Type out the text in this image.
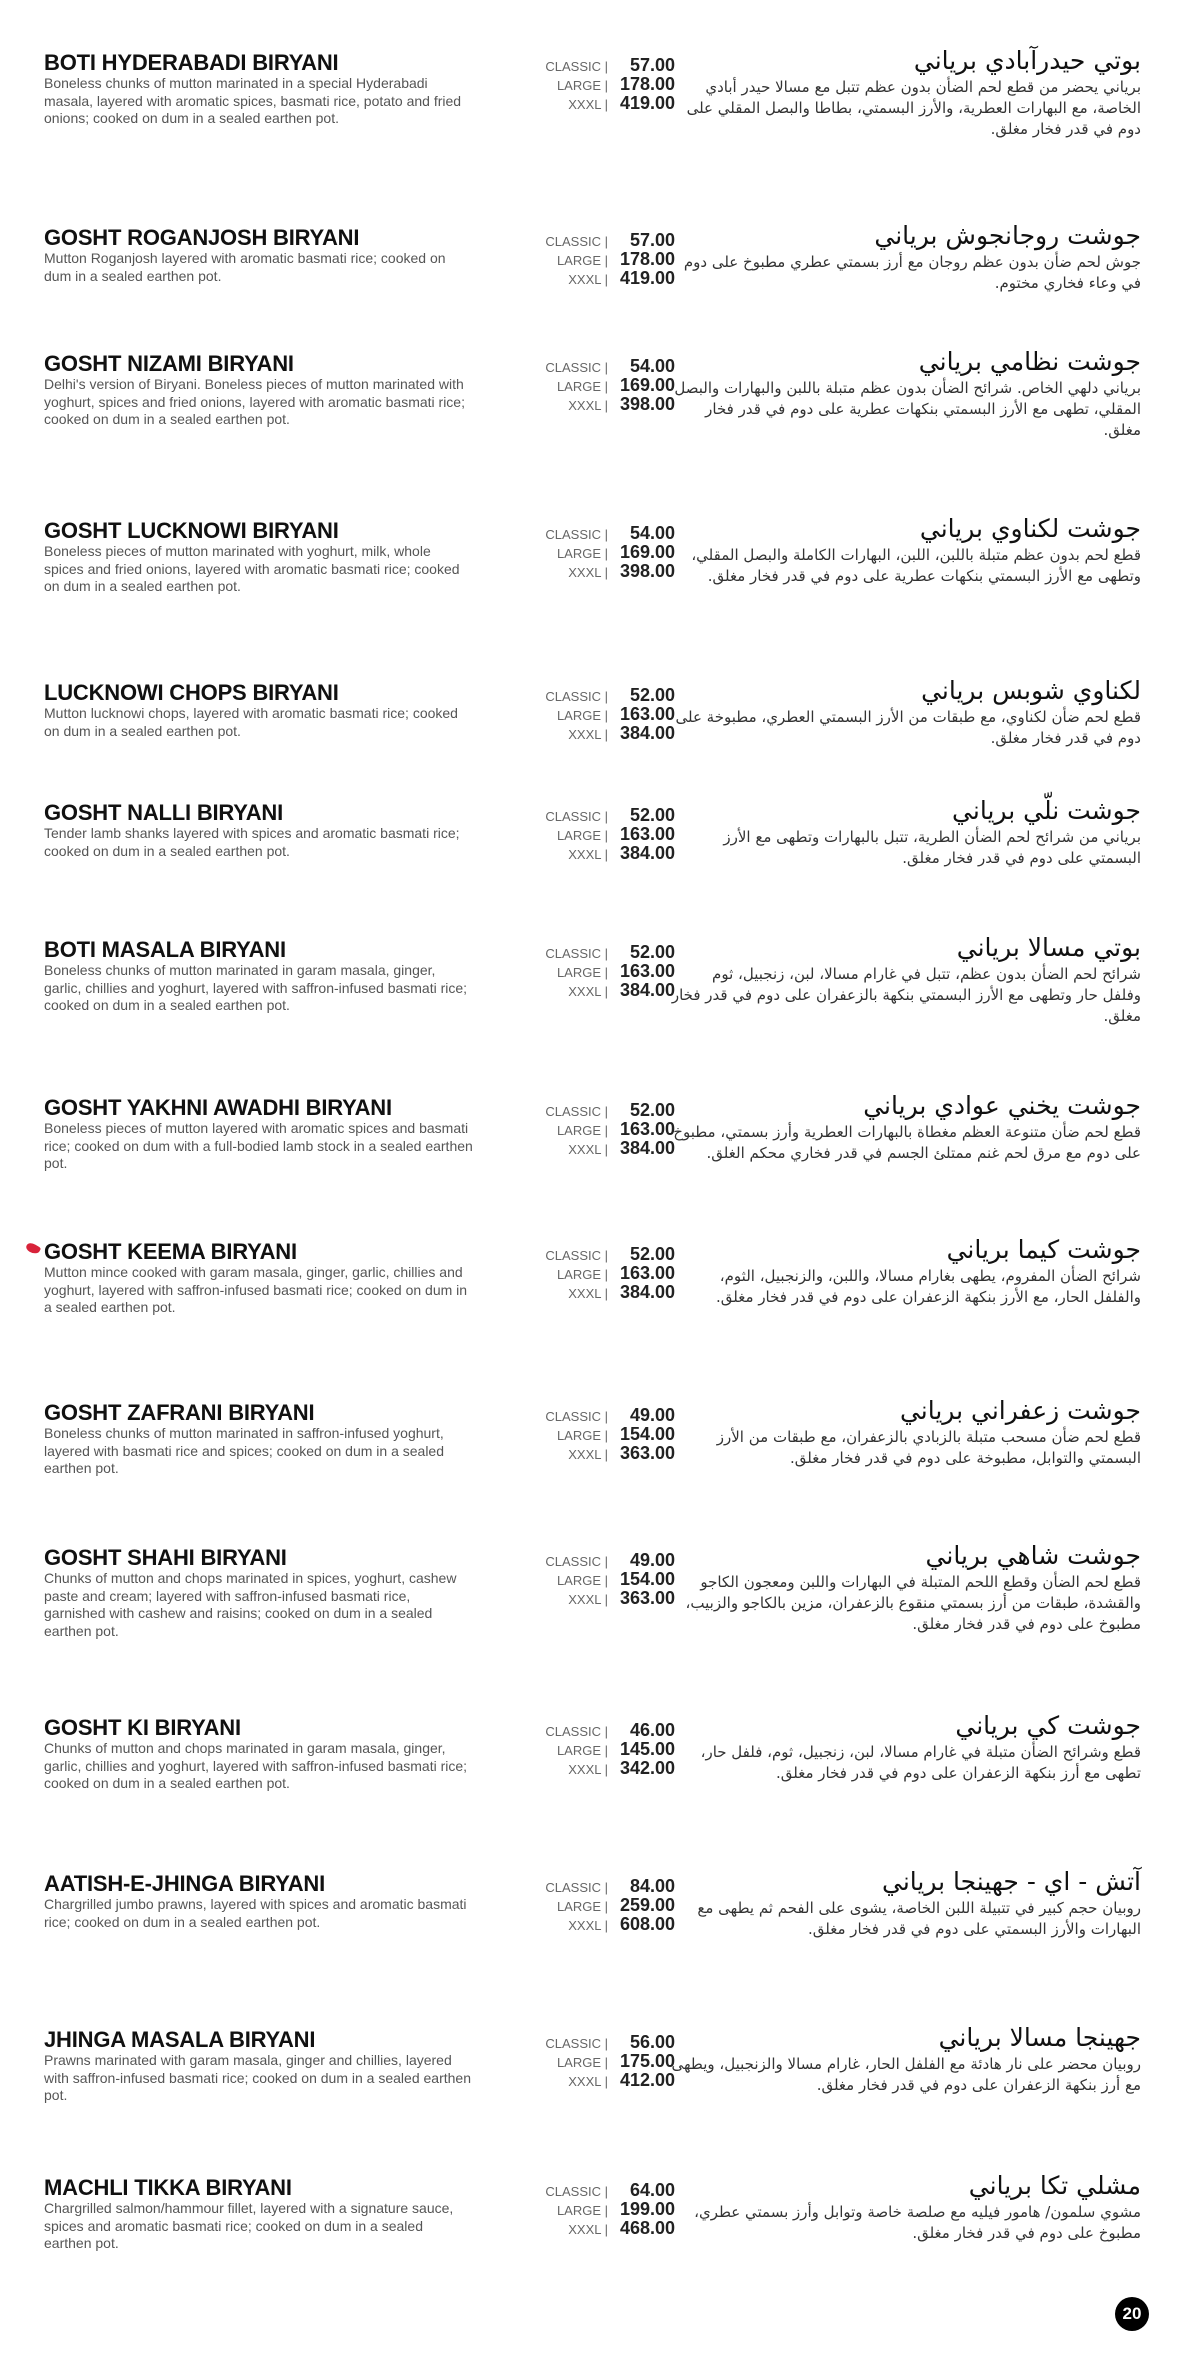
BOTI HYDERABADI BIRYANI
Boneless chunks of mutton marinated in a special Hyderabadi masala, layered with aromatic spices, basmati rice, potato and fried onions; cooked on dum in a sealed earthen pot.
CLASSIC |	57.00
LARGE | 178.00
XXXL | 419.00
بوتي حيدرآبادي برياني
برياني يحضر من قطع لحم الضأن بدون عظم تتبل مع مسالا حيدر أبادي الخاصة، مع البهارات العطرية، والأرز البسمتي، بطاطا والبصل المقلي على دوم في قدر فخار مغلق.
GOSHT ROGANJOSH BIRYANI
Mutton Roganjosh layered with aromatic basmati rice; cooked on dum in a sealed earthen pot.
CLASSIC |	57.00
LARGE | 178.00
XXXL | 419.00
جوشت روجانجوش برياني
جوش لحم ضأن بدون عظم روجان مع أرز بسمتي عطري مطبوخ على دوم في وعاء فخاري مختوم.
GOSHT NIZAMI BIRYANI
Delhi's version of Biryani. Boneless pieces of mutton marinated with yoghurt, spices and fried onions, layered with aromatic basmati rice; cooked on dum in a sealed earthen pot.
CLASSIC |	54.00
LARGE | 169.00
XXXL | 398.00
جوشت نظامي برياني
برياني دلهي الخاص. شرائح الضأن بدون عظم متبلة باللبن والبهارات والبصل المقلي، تطهى مع الأرز البسمتي بنكهات عطرية على دوم في قدر فخار مغلق.
GOSHT LUCKNOWI BIRYANI
Boneless pieces of mutton marinated with yoghurt, milk, whole spices and fried onions, layered with aromatic basmati rice; cooked on dum in a sealed earthen pot.
CLASSIC |	54.00
LARGE | 169.00
XXXL | 398.00
جوشت لكناوي برياني
قطع لحم بدون عظم متبلة باللبن، اللبن، البهارات الكاملة والبصل المقلي، وتطهى مع الأرز البسمتي بنكهات عطرية على دوم في قدر فخار مغلق.
LUCKNOWI CHOPS BIRYANI
Mutton lucknowi chops, layered with aromatic basmati rice; cooked on dum in a sealed earthen pot.
CLASSIC |	52.00
LARGE | 163.00
XXXL | 384.00
لكناوي شوبس برياني
قطع لحم ضأن لكناوي، مع طبقات من الأرز البسمتي العطري، مطبوخة على دوم في قدر فخار مغلق.
GOSHT NALLI BIRYANI
Tender lamb shanks layered with spices and aromatic basmati rice; cooked on dum in a sealed earthen pot.
CLASSIC |	52.00
LARGE | 163.00
XXXL | 384.00
جوشت نلّي برياني
برياني من شرائح لحم الضأن الطرية، تتبل بالبهارات وتطهى مع الأرز البسمتي على دوم في قدر فخار مغلق.
BOTI MASALA BIRYANI
Boneless chunks of mutton marinated in garam masala, ginger, garlic, chillies and yoghurt, layered with saffron-infused basmati rice; cooked on dum in a sealed earthen pot.
CLASSIC |	52.00
LARGE | 163.00
XXXL | 384.00
بوتي مسالا برياني
شرائح لحم الضأن بدون عظم، تتبل في غارام مسالا، لبن، زنجبيل، ثوم وفلفل حار وتطهى مع الأرز البسمتي بنكهة بالزعفران على دوم في قدر فخار مغلق.
GOSHT YAKHNI AWADHI BIRYANI
Boneless pieces of mutton layered with aromatic spices and basmati rice; cooked on dum with a full-bodied lamb stock in a sealed earthen pot.
CLASSIC |	52.00
LARGE | 163.00
XXXL | 384.00
جوشت يخني عوادي برياني
قطع لحم ضأن متنوعة العظم مغطاة بالبهارات العطرية وأرز بسمتي، مطبوخ على دوم مع مرق لحم غنم ممتلئ الجسم في قدر فخاري محكم الغلق.
GOSHT KEEMA BIRYANI
Mutton mince cooked with garam masala, ginger, garlic, chillies and yoghurt, layered with saffron-infused basmati rice; cooked on dum in a sealed earthen pot.
CLASSIC |	52.00
LARGE | 163.00
XXXL | 384.00
جوشت كيما برياني
شرائح الضأن المفروم، يطهى بغارام مسالا، واللبن، والزنجبيل، الثوم، والفلفل الحار، مع الأرز بنكهة الزعفران على دوم في قدر فخار مغلق.
GOSHT ZAFRANI BIRYANI
Boneless chunks of mutton marinated in saffron-infused yoghurt, layered with basmati rice and spices; cooked on dum in a sealed earthen pot.
CLASSIC |	49.00
LARGE | 154.00
XXXL | 363.00
جوشت زعفراني برياني
قطع لحم ضأن مسحب متبلة بالزبادي بالزعفران، مع طبقات من الأرز البسمتي والتوابل، مطبوخة على دوم في قدر فخار مغلق.
GOSHT SHAHI BIRYANI
Chunks of mutton and chops marinated in spices, yoghurt, cashew paste and cream; layered with saffron-infused basmati rice, garnished with cashew and raisins; cooked on dum in a sealed earthen pot.
CLASSIC |	49.00
LARGE | 154.00
XXXL | 363.00
جوشت شاهي برياني
قطع لحم الضأن وقطع اللحم المتبلة في البهارات واللبن ومعجون الكاجو والقشدة، طبقات من أرز بسمتي منقوع بالزعفران، مزين بالكاجو والزبيب، مطبوخ على دوم في قدر فخار مغلق.
GOSHT KI BIRYANI
Chunks of mutton and chops marinated in garam masala, ginger, garlic, chillies and yoghurt, layered with saffron-infused basmati rice; cooked on dum in a sealed earthen pot.
CLASSIC |	46.00
LARGE | 145.00
XXXL | 342.00
جوشت كي برياني
قطع وشرائح الضأن متبلة في غارام مسالا، لبن، زنجبيل، ثوم، فلفل حار، تطهى مع أرز بنكهة الزعفران على دوم في قدر فخار مغلق.
AATISH-E-JHINGA BIRYANI
Chargrilled jumbo prawns, layered with spices and aromatic basmati rice; cooked on dum in a sealed earthen pot.
CLASSIC |	84.00
LARGE | 259.00
XXXL | 608.00
آتش - اي - جهينجا برياني
روبيان حجم كبير في تتبيلة اللبن الخاصة، يشوى على الفحم ثم يطهى مع البهارات والأرز البسمتي على دوم في قدر فخار مغلق.
JHINGA MASALA BIRYANI
Prawns marinated with garam masala, ginger and chillies, layered with saffron-infused basmati rice; cooked on dum in a sealed earthen pot.
CLASSIC |	56.00
LARGE | 175.00
XXXL | 412.00
جهينجا مسالا برياني
روبيان محضر على نار هادئة مع الفلفل الحار، غارام مسالا والزنجبيل، ويطهى مع أرز بنكهة الزعفران على دوم في قدر فخار مغلق.
MACHLI TIKKA BIRYANI
Chargrilled salmon/hammour fillet, layered with a signature sauce, spices and aromatic basmati rice; cooked on dum in a sealed earthen pot.
CLASSIC |	64.00
LARGE | 199.00
XXXL | 468.00
مشلي تكا برياني
مشوي سلمون/ هامور فيليه مع صلصة خاصة وتوابل وأرز بسمتي عطري، مطبوخ على دوم في قدر فخار مغلق.
20
